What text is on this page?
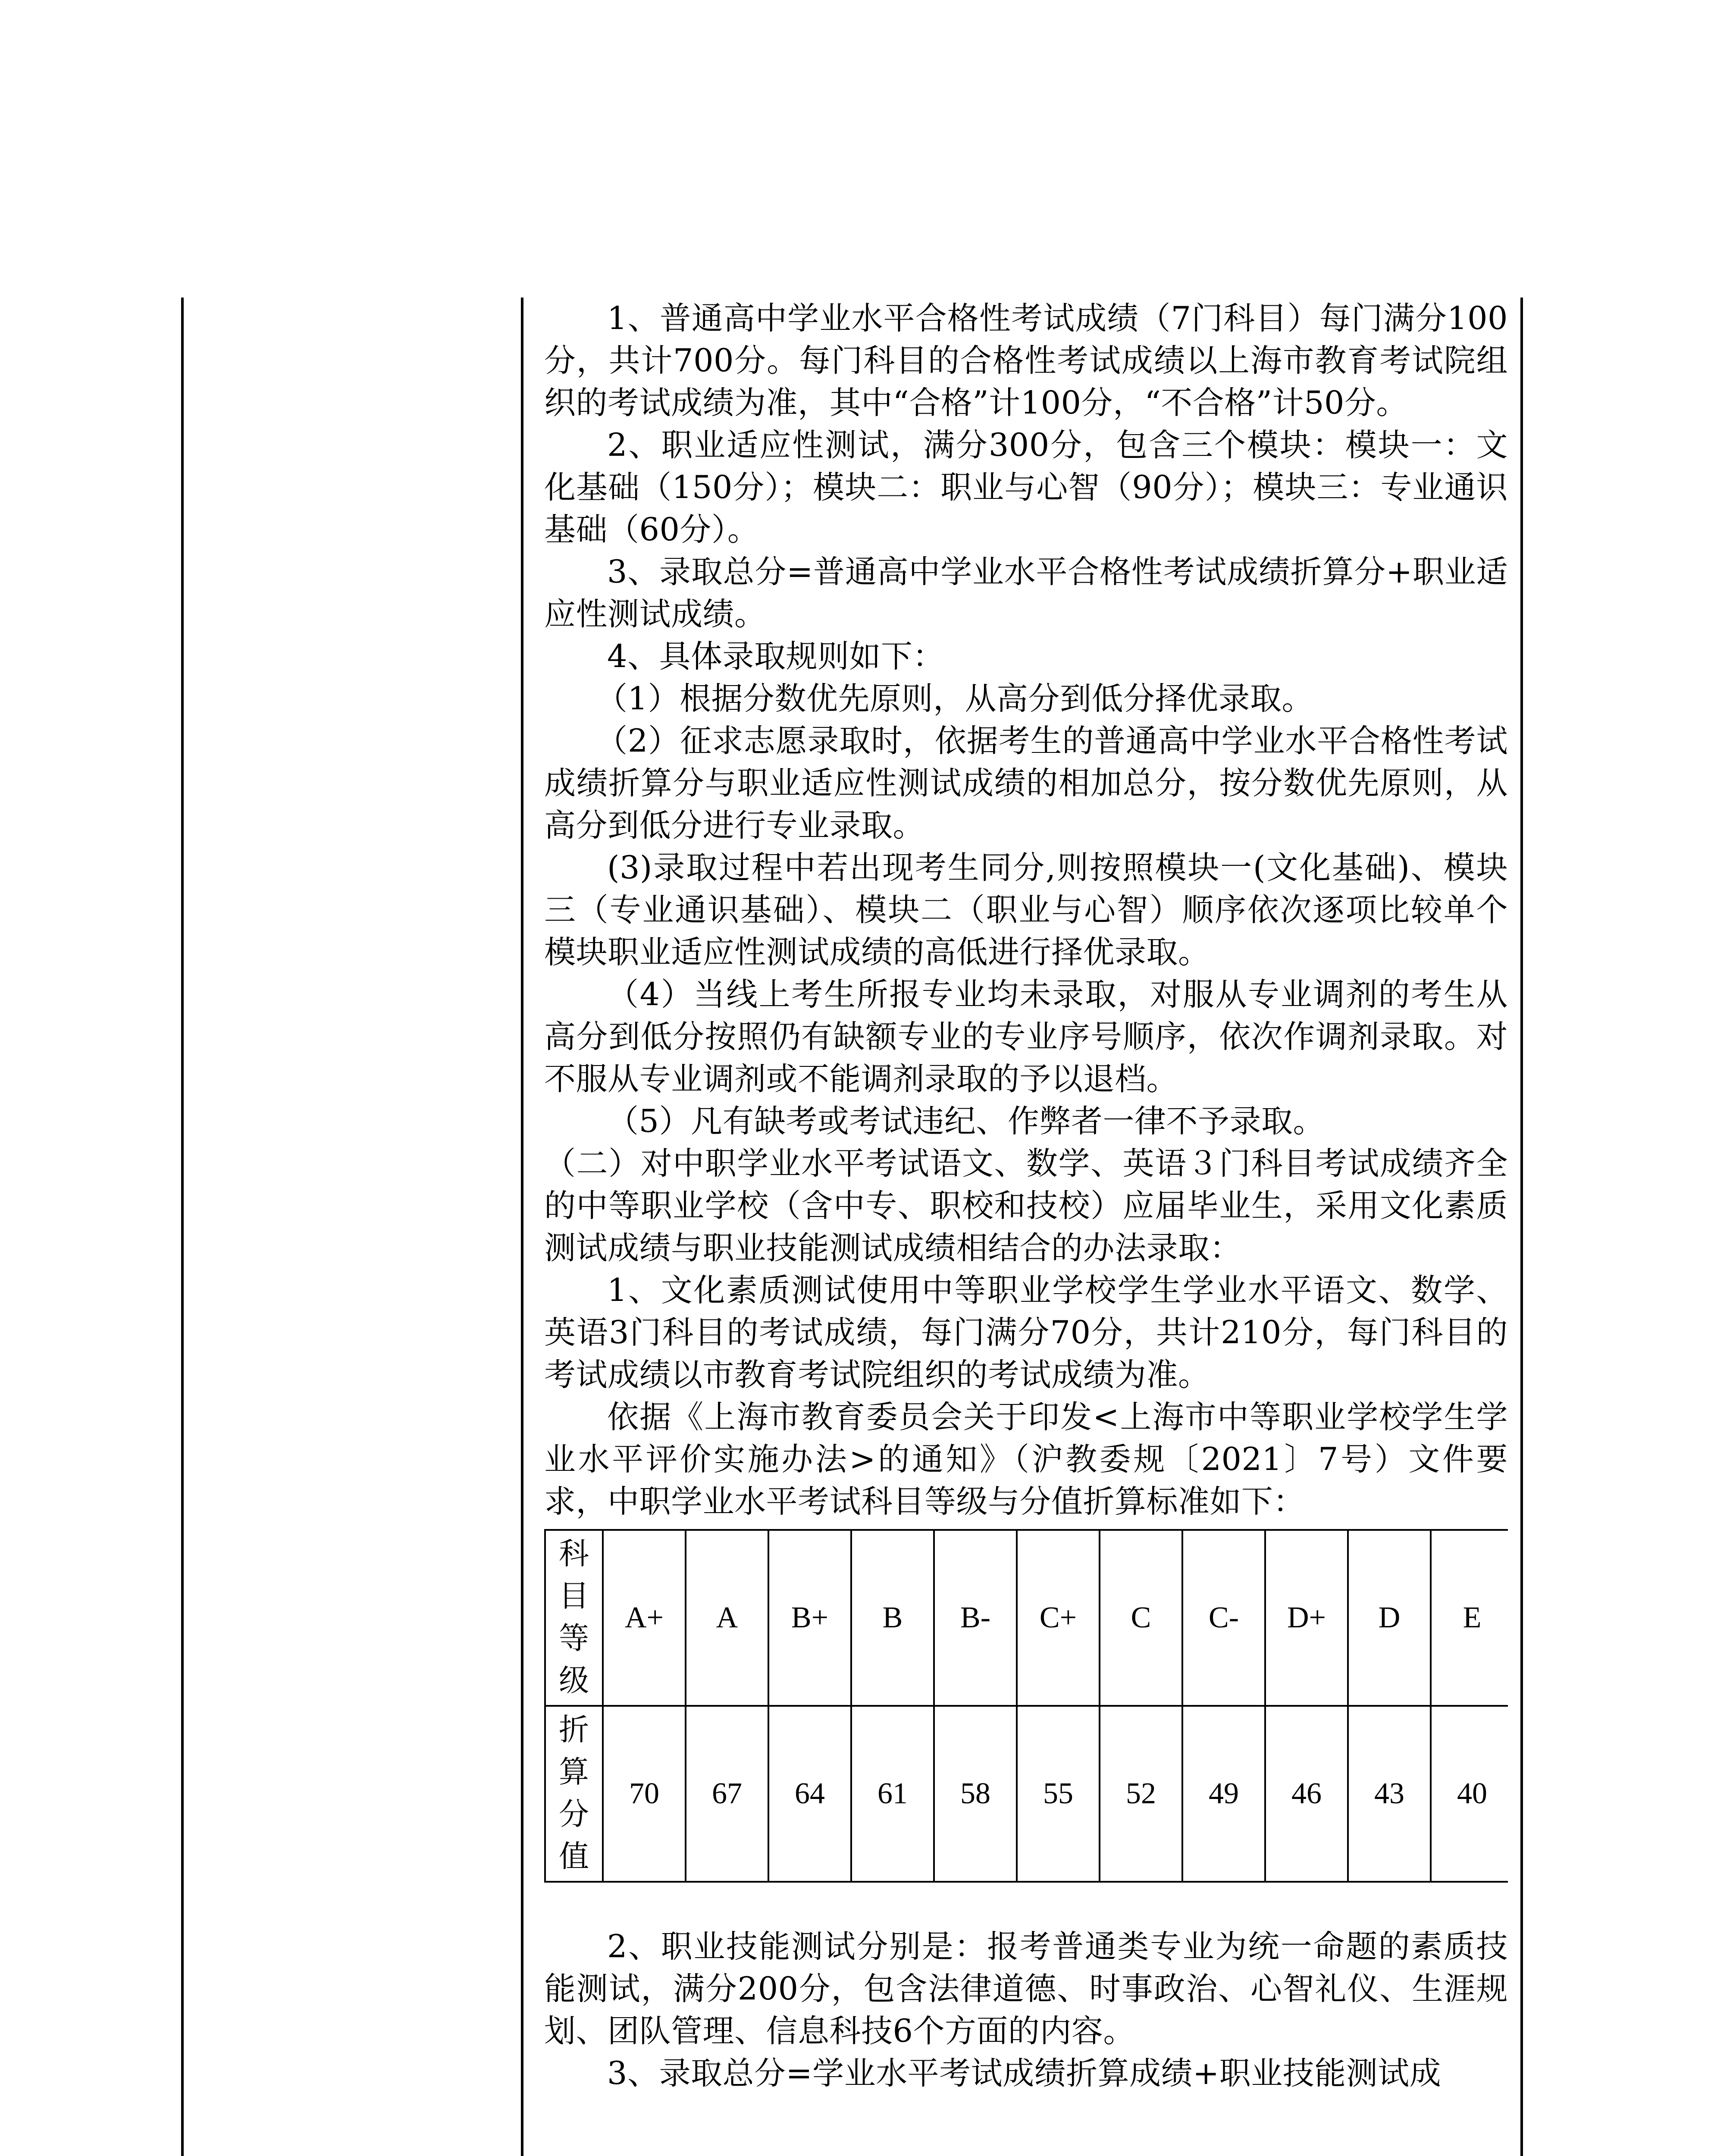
1、普通高中学业水平合格性考试成绩（7门科目）每门满分100分，共计700分。每门科目的合格性考试成绩以上海市教育考试院组织的考试成绩为准，其中“合格”计100分，“不合格”计50分。

2、职业适应性测试，满分300分，包含三个模块：模块一：文化基础（150分）；模块二：职业与心智（90分）；模块三：专业通识基础（60分）。

3、录取总分=普通高中学业水平合格性考试成绩折算分+职业适应性测试成绩。

4、具体录取规则如下：

（1）根据分数优先原则，从高分到低分择优录取。

（2）征求志愿录取时，依据考生的普通高中学业水平合格性考试成绩折算分与职业适应性测试成绩的相加总分，按分数优先原则，从高分到低分进行专业录取。

(3)录取过程中若出现考生同分,则按照模块一(文化基础)、模块三（专业通识基础）、模块二（职业与心智）顺序依次逐项比较单个模块职业适应性测试成绩的高低进行择优录取。

（4）当线上考生所报专业均未录取，对服从专业调剂的考生从高分到低分按照仍有缺额专业的专业序号顺序，依次作调剂录取。对不服从专业调剂或不能调剂录取的予以退档。

（5）凡有缺考或考试违纪、作弊者一律不予录取。

（二）对中职学业水平考试语文、数学、英语３门科目考试成绩齐全的中等职业学校（含中专、职校和技校）应届毕业生，采用文化素质测试成绩与职业技能测试成绩相结合的办法录取：

1、文化素质测试使用中等职业学校学生学业水平语文、数学、英语3门科目的考试成绩，每门满分70分，共计210分，每门科目的考试成绩以市教育考试院组织的考试成绩为准。

依据《上海市教育委员会关于印发<上海市中等职业学校学生学业水平评价实施办法>的通知》（沪教委规〔2021〕7号）文件要求，中职学业水平考试科目等级与分值折算标准如下：

科目等级	A+	A	B+	B	B-	C+	C	C-	D+	D	E

折算分值	70	67	64	61	58	55	52	49	46	43	40

2、职业技能测试分别是：报考普通类专业为统一命题的素质技能测试，满分200分，包含法律道德、时事政治、心智礼仪、生涯规划、团队管理、信息科技6个方面的内容。

3、录取总分=学业水平考试成绩折算成绩+职业技能测试成
